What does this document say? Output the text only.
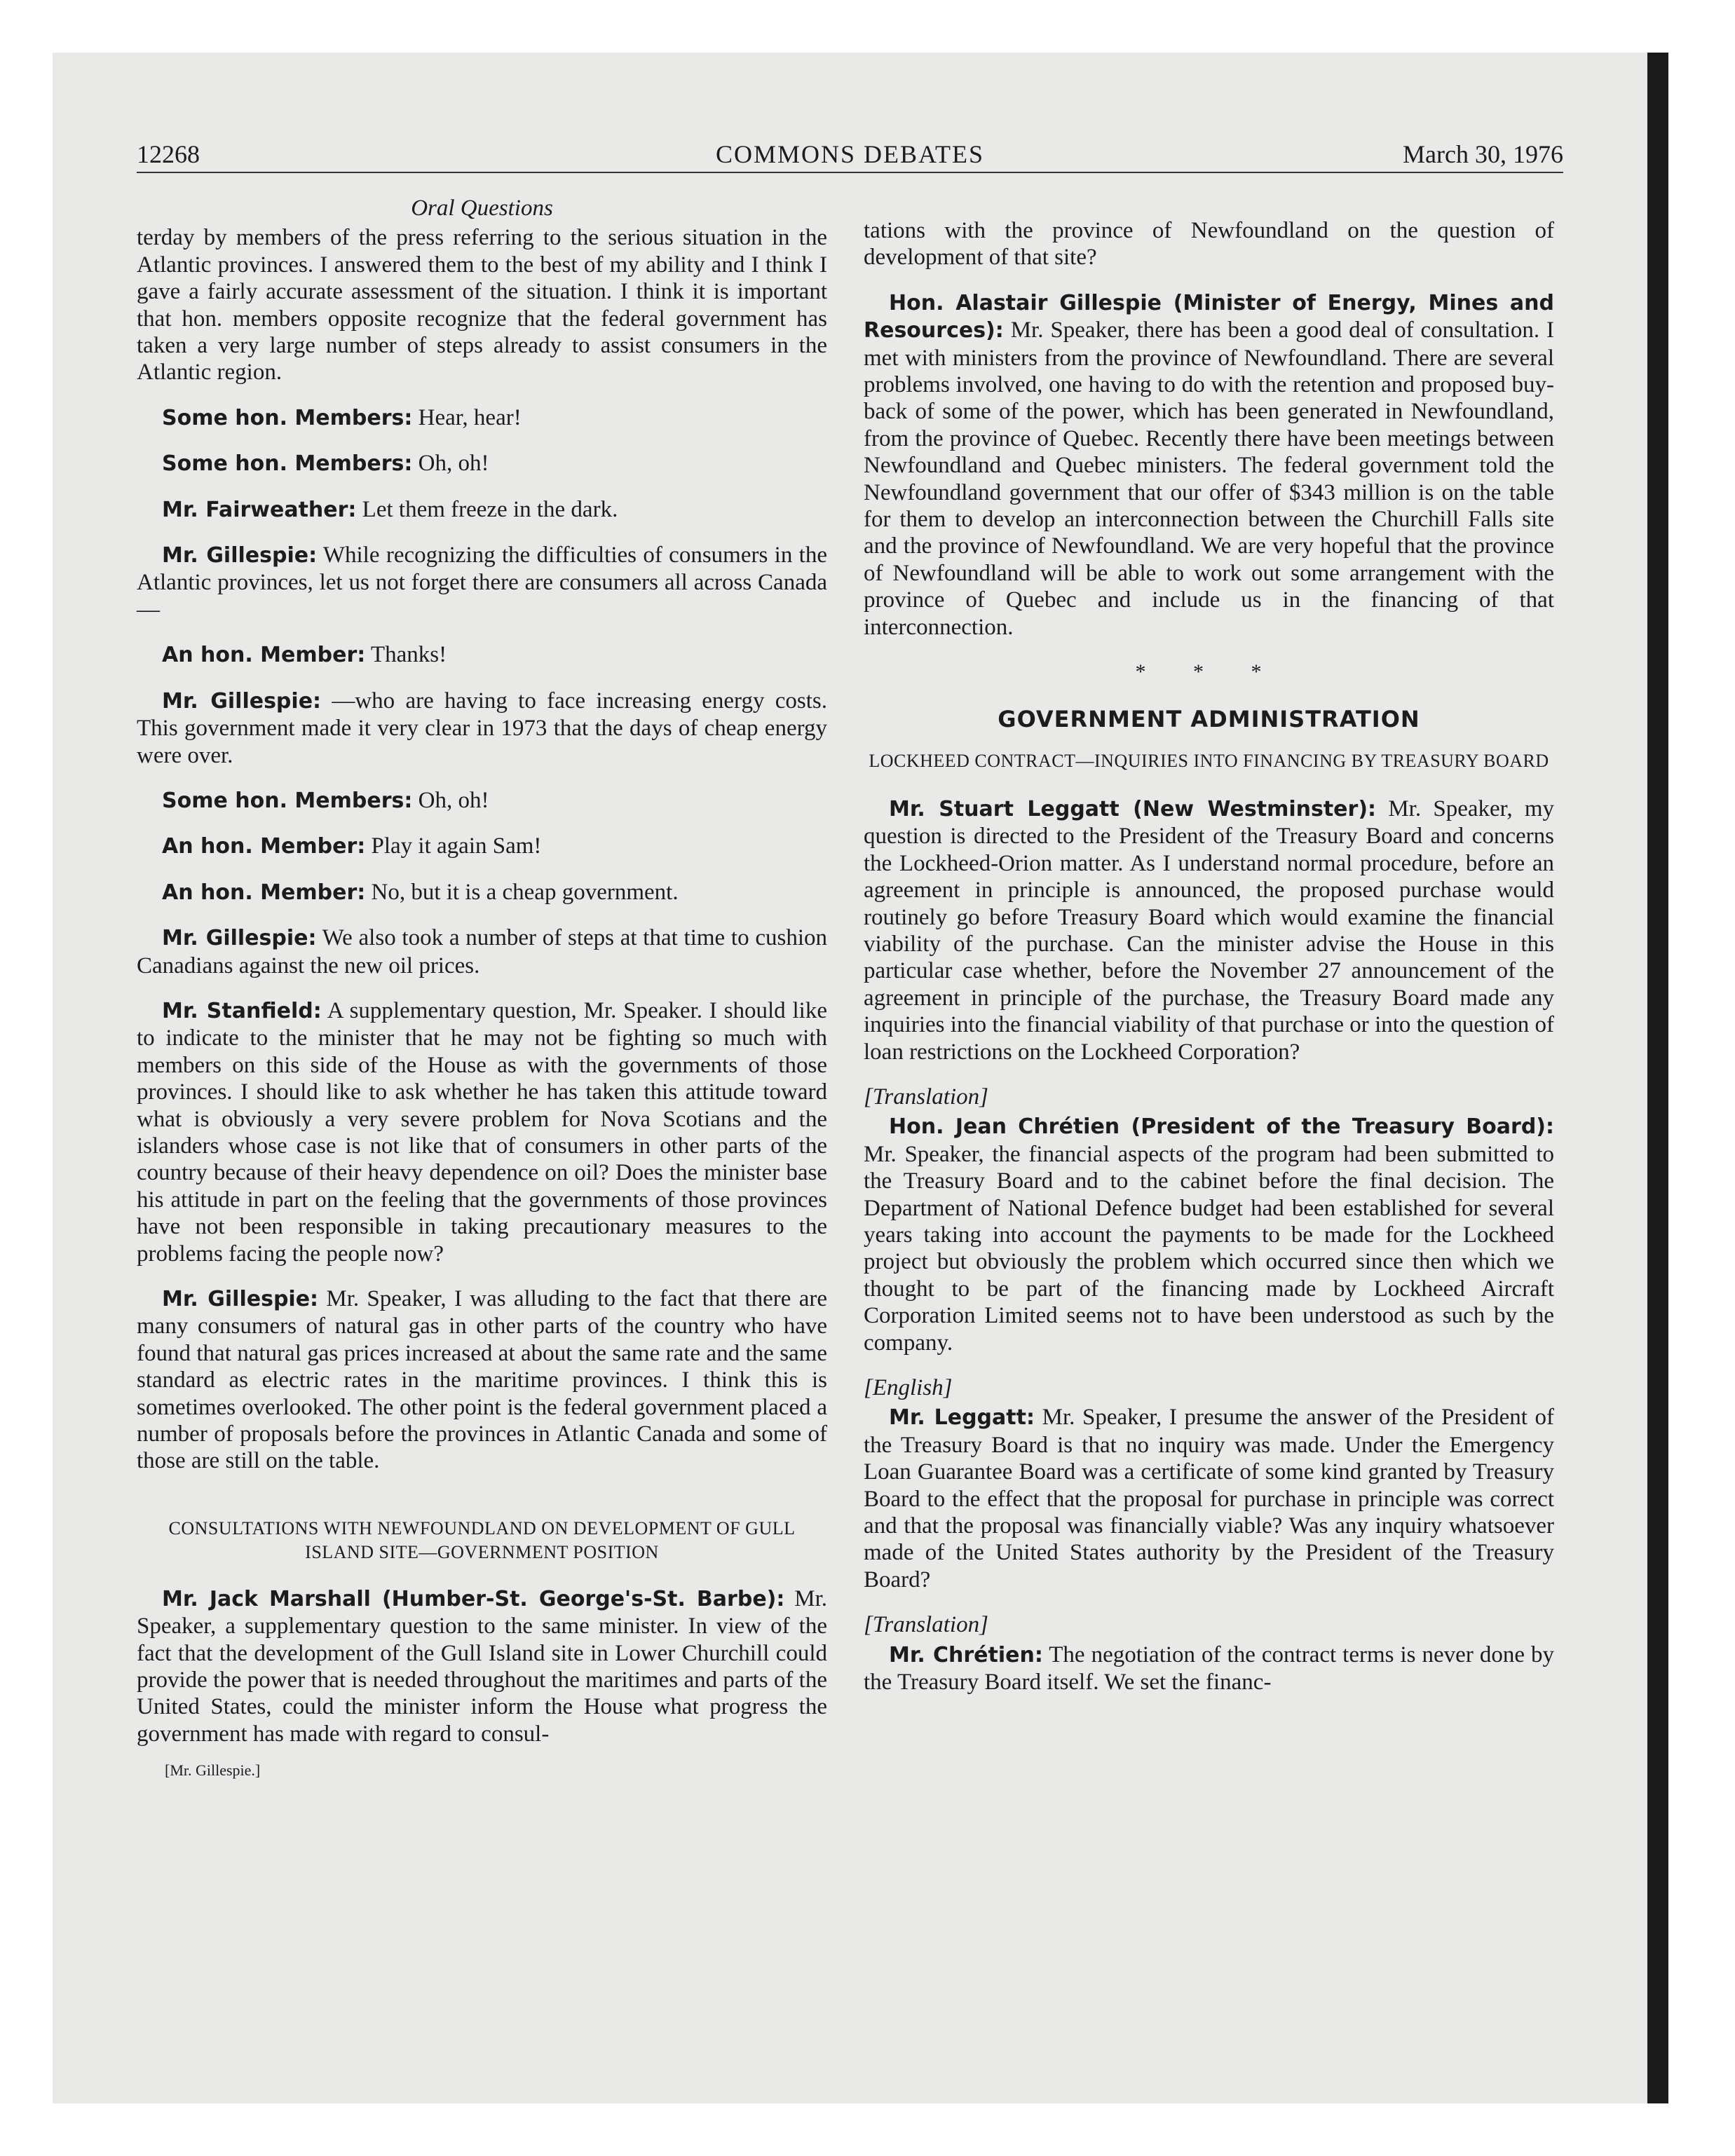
12268	COMMONS DEBATES	March 30, 1976
Oral Questions

terday by members of the press referring to the serious situation in the Atlantic provinces. I answered them to the best of my ability and I think I gave a fairly accurate assessment of the situation. I think it is important that hon. members opposite recognize that the federal government has taken a very large number of steps already to assist consumers in the Atlantic region.

Some hon. Members: Hear, hear!

Some hon. Members: Oh, oh!

Mr. Fairweather: Let them freeze in the dark.

Mr. Gillespie: While recognizing the difficulties of consumers in the Atlantic provinces, let us not forget there are consumers all across Canada—

An hon. Member: Thanks!

Mr. Gillespie: —who are having to face increasing energy costs. This government made it very clear in 1973 that the days of cheap energy were over.

Some hon. Members: Oh, oh!

An hon. Member: Play it again Sam!

An hon. Member: No, but it is a cheap government.

Mr. Gillespie: We also took a number of steps at that time to cushion Canadians against the new oil prices.

Mr. Stanfield: A supplementary question, Mr. Speaker. I should like to indicate to the minister that he may not be fighting so much with members on this side of the House as with the governments of those provinces. I should like to ask whether he has taken this attitude toward what is obviously a very severe problem for Nova Scotians and the islanders whose case is not like that of consumers in other parts of the country because of their heavy dependence on oil? Does the minister base his attitude in part on the feeling that the governments of those provinces have not been responsible in taking precautionary measures to the problems facing the people now?

Mr. Gillespie: Mr. Speaker, I was alluding to the fact that there are many consumers of natural gas in other parts of the country who have found that natural gas prices increased at about the same rate and the same standard as electric rates in the maritime provinces. I think this is sometimes overlooked. The other point is the federal government placed a number of proposals before the provinces in Atlantic Canada and some of those are still on the table.

CONSULTATIONS WITH NEWFOUNDLAND ON DEVELOPMENT OF GULL ISLAND SITE—GOVERNMENT POSITION

Mr. Jack Marshall (Humber-St. George's-St. Barbe): Mr. Speaker, a supplementary question to the same minister. In view of the fact that the development of the Gull Island site in Lower Churchill could provide the power that is needed throughout the maritimes and parts of the United States, could the minister inform the House what progress the government has made with regard to consul-

[Mr. Gillespie.]

tations with the province of Newfoundland on the question of development of that site?

Hon. Alastair Gillespie (Minister of Energy, Mines and Resources): Mr. Speaker, there has been a good deal of consultation. I met with ministers from the province of Newfoundland. There are several problems involved, one having to do with the retention and proposed buy-back of some of the power, which has been generated in Newfoundland, from the province of Quebec. Recently there have been meetings between Newfoundland and Quebec ministers. The federal government told the Newfoundland government that our offer of $343 million is on the table for them to develop an interconnection between the Churchill Falls site and the province of Newfoundland. We are very hopeful that the province of Newfoundland will be able to work out some arrangement with the province of Quebec and include us in the financing of that interconnection.

* * *
GOVERNMENT ADMINISTRATION
LOCKHEED CONTRACT—INQUIRIES INTO FINANCING BY TREASURY BOARD

Mr. Stuart Leggatt (New Westminster): Mr. Speaker, my question is directed to the President of the Treasury Board and concerns the Lockheed-Orion matter. As I understand normal procedure, before an agreement in principle is announced, the proposed purchase would routinely go before Treasury Board which would examine the financial viability of the purchase. Can the minister advise the House in this particular case whether, before the November 27 announcement of the agreement in principle of the purchase, the Treasury Board made any inquiries into the financial viability of that purchase or into the question of loan restrictions on the Lockheed Corporation?

[Translation]

Hon. Jean Chrétien (President of the Treasury Board): Mr. Speaker, the financial aspects of the program had been submitted to the Treasury Board and to the cabinet before the final decision. The Department of National Defence budget had been established for several years taking into account the payments to be made for the Lockheed project but obviously the problem which occurred since then which we thought to be part of the financing made by Lockheed Aircraft Corporation Limited seems not to have been understood as such by the company.

[English]

Mr. Leggatt: Mr. Speaker, I presume the answer of the President of the Treasury Board is that no inquiry was made. Under the Emergency Loan Guarantee Board was a certificate of some kind granted by Treasury Board to the effect that the proposal for purchase in principle was correct and that the proposal was financially viable? Was any inquiry whatsoever made of the United States authority by the President of the Treasury Board?

[Translation]

Mr. Chrétien: The negotiation of the contract terms is never done by the Treasury Board itself. We set the financ-
